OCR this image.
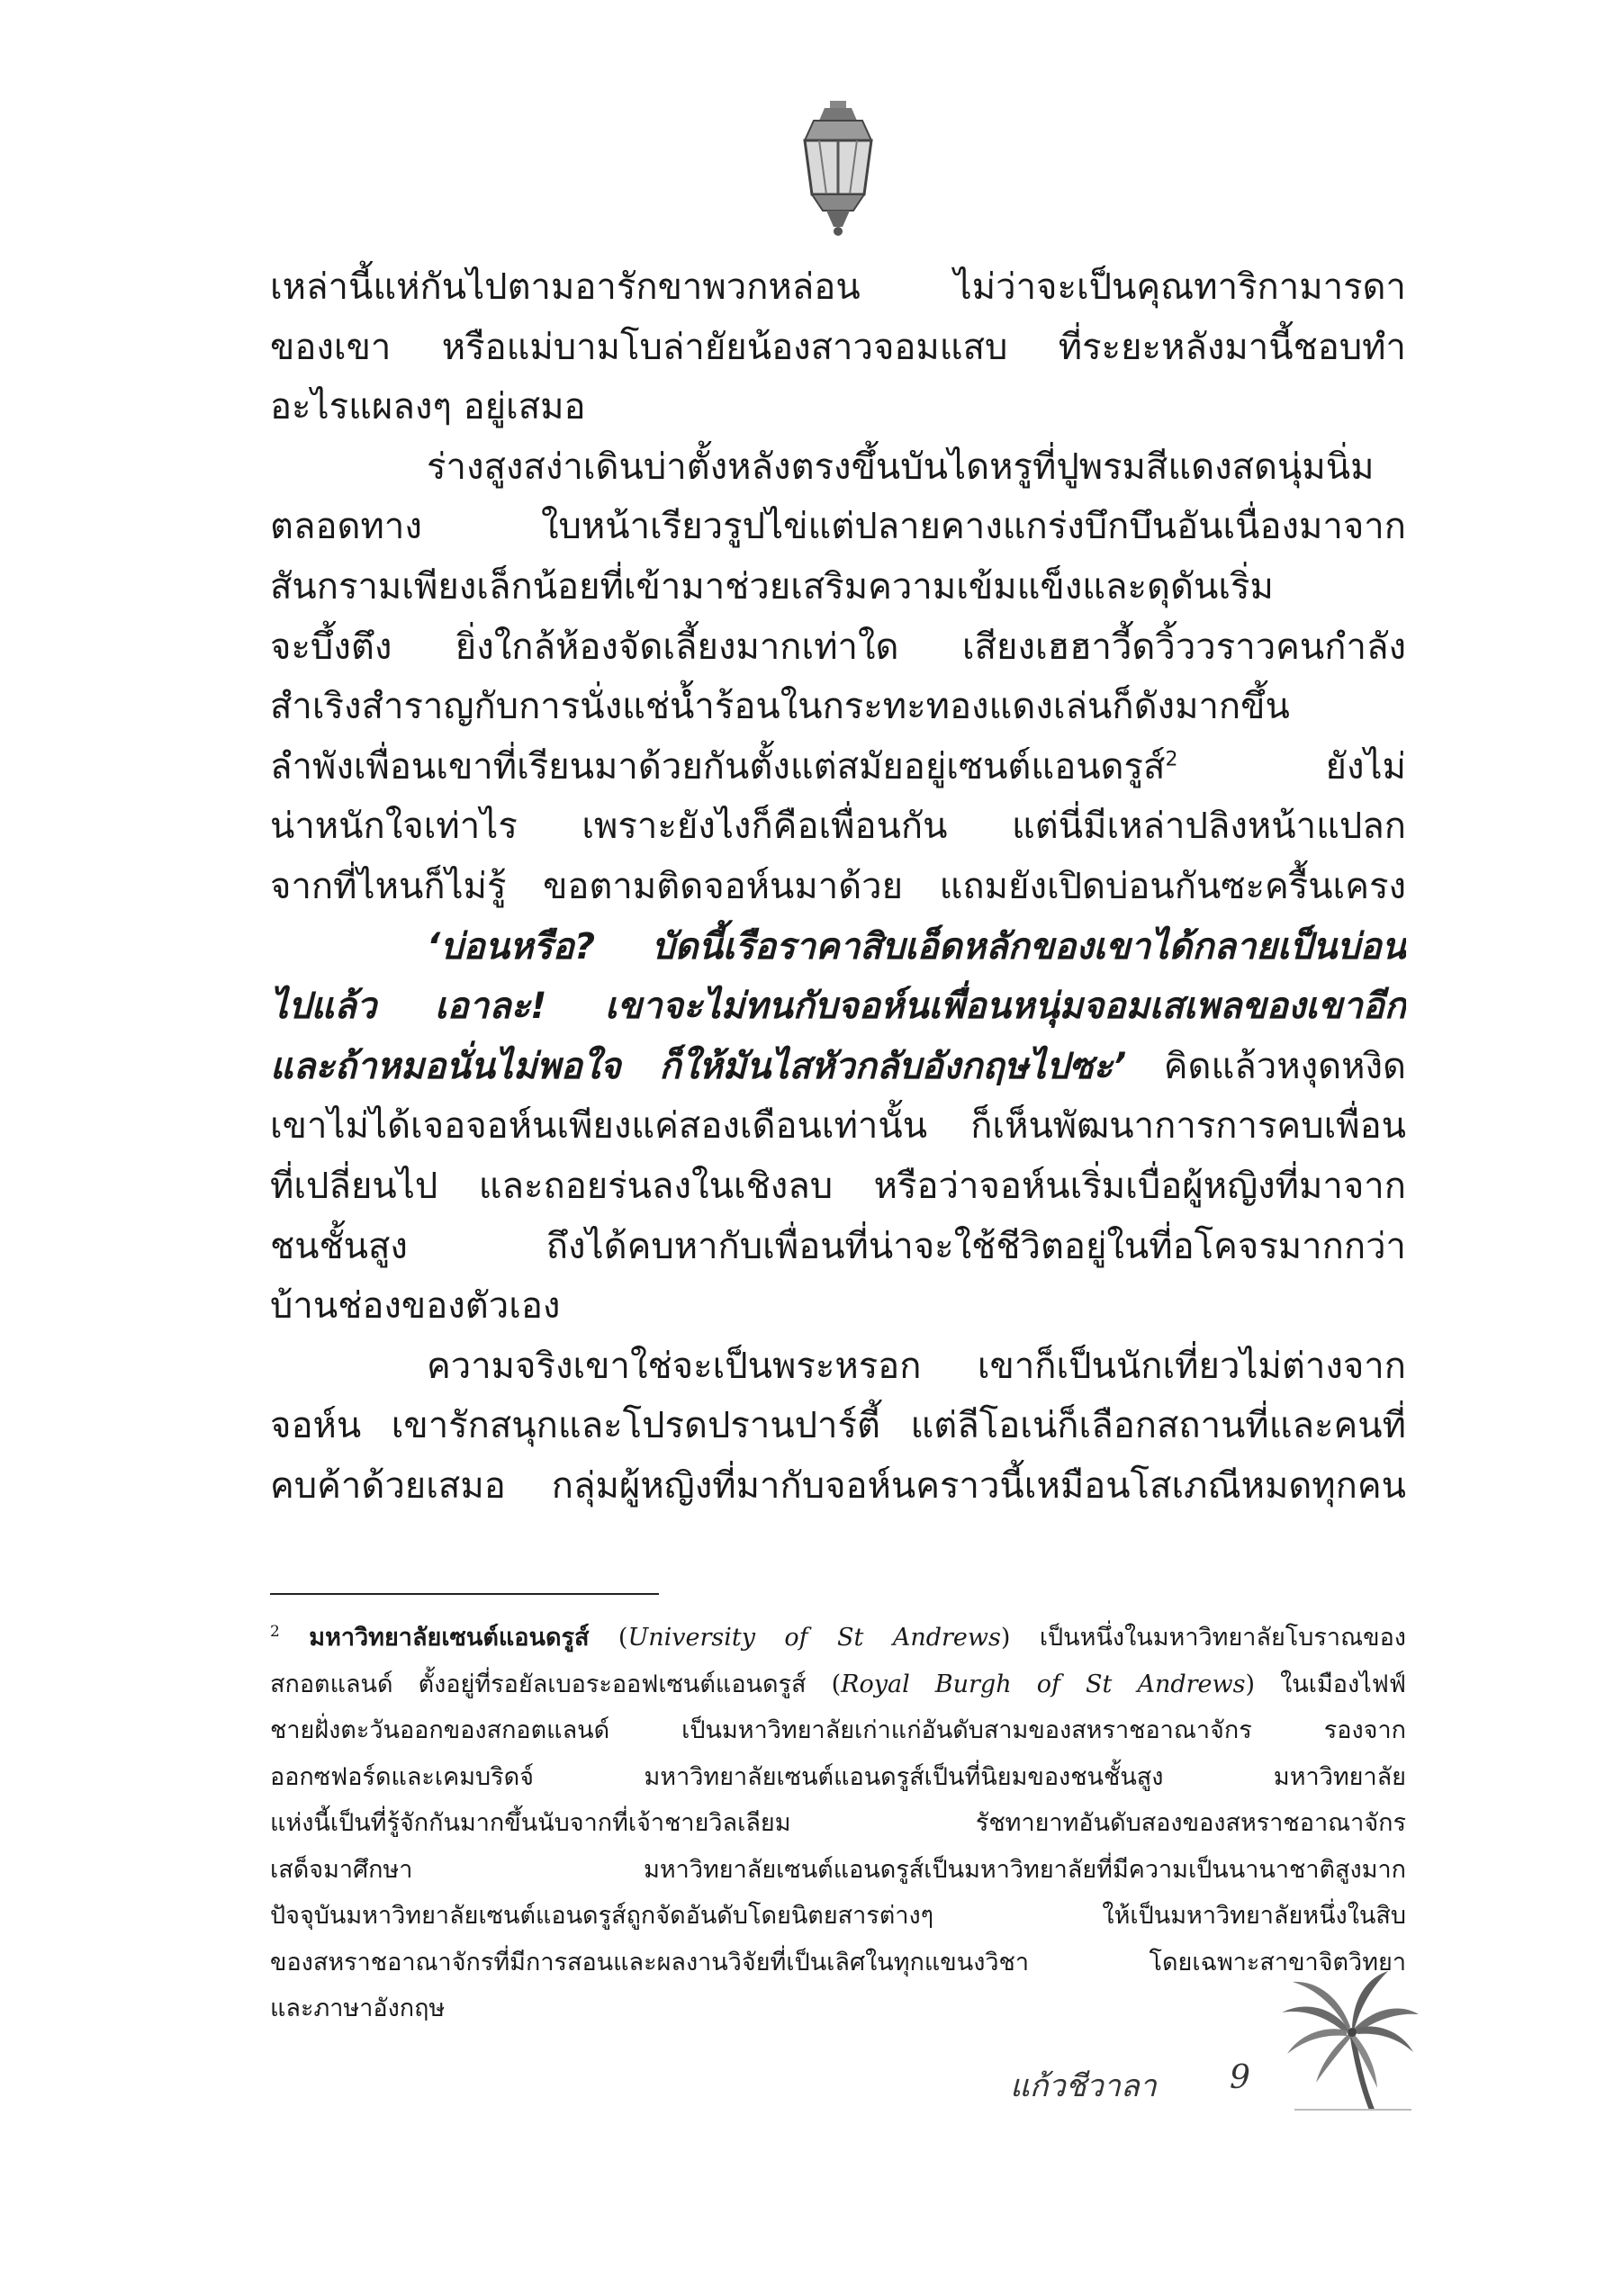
เหล่านี้แห่กันไปตามอารักขาพวกหล่อน ไม่ว่าจะเป็นคุณทาริกามารดา
ของเขา หรือแม่บามโบล่ายัยน้องสาวจอมแสบ ที่ระยะหลังมานี้ชอบทำ
อะไรแผลงๆ อยู่เสมอ
ร่างสูงสง่าเดินบ่าตั้งหลังตรงขึ้นบันไดหรูที่ปูพรมสีแดงสดนุ่มนิ่ม
ตลอดทาง ใบหน้าเรียวรูปไข่แต่ปลายคางแกร่งบึกบึนอันเนื่องมาจาก
สันกรามเพียงเล็กน้อยที่เข้ามาช่วยเสริมความเข้มแข็งและดุดันเริ่ม
จะบึ้งตึง ยิ่งใกล้ห้องจัดเลี้ยงมากเท่าใด เสียงเฮฮาวี้ดวิ้ววราวคนกำลัง
สำเริงสำราญกับการนั่งแช่น้ำร้อนในกระทะทองแดงเล่นก็ดังมากขึ้น
ลำพังเพื่อนเขาที่เรียนมาด้วยกันตั้งแต่สมัยอยู่เซนต์แอนดรูส์$^2$ ยังไม่
น่าหนักใจเท่าไร เพราะยังไงก็คือเพื่อนกัน แต่นี่มีเหล่าปลิงหน้าแปลก
จากที่ไหนก็ไม่รู้ ขอตามติดจอห์นมาด้วย แถมยังเปิดบ่อนกันซะครื้นเครง
‘บ่อนหรือ? บัดนี้เรือราคาสิบเอ็ดหลักของเขาได้กลายเป็นบ่อน
ไปแล้ว เอาละ! เขาจะไม่ทนกับจอห์นเพื่อนหนุ่มจอมเสเพลของเขาอีก
และถ้าหมอนั่นไม่พอใจ ก็ให้มันไสหัวกลับอังกฤษไปซะ’ คิดแล้วหงุดหงิด
เขาไม่ได้เจอจอห์นเพียงแค่สองเดือนเท่านั้น ก็เห็นพัฒนาการการคบเพื่อน
ที่เปลี่ยนไป และถอยร่นลงในเชิงลบ หรือว่าจอห์นเริ่มเบื่อผู้หญิงที่มาจาก
ชนชั้นสูง ถึงได้คบหากับเพื่อนที่น่าจะใช้ชีวิตอยู่ในที่อโคจรมากกว่า
บ้านช่องของตัวเอง
ความจริงเขาใช่จะเป็นพระหรอก เขาก็เป็นนักเที่ยวไม่ต่างจาก
จอห์น เขารักสนุกและโปรดปรานปาร์ตี้ แต่ลีโอเน่ก็เลือกสถานที่และคนที่
คบค้าด้วยเสมอ กลุ่มผู้หญิงที่มากับจอห์นคราวนี้เหมือนโสเภณีหมดทุกคน
$^2$ มหาวิทยาลัยเซนต์แอนดรูส์ (University of St Andrews) เป็นหนึ่งในมหาวิทยาลัยโบราณของ
สกอตแลนด์ ตั้งอยู่ที่รอยัลเบอระออฟเซนต์แอนดรูส์ (Royal Burgh of St Andrews) ในเมืองไฟฟ์
ชายฝั่งตะวันออกของสกอตแลนด์ เป็นมหาวิทยาลัยเก่าแก่อันดับสามของสหราชอาณาจักร รองจาก
ออกซฟอร์ดและเคมบริดจ์ มหาวิทยาลัยเซนต์แอนดรูส์เป็นที่นิยมของชนชั้นสูง มหาวิทยาลัย
แห่งนี้เป็นที่รู้จักกันมากขึ้นนับจากที่เจ้าชายวิลเลียม รัชทายาทอันดับสองของสหราชอาณาจักร
เสด็จมาศึกษา มหาวิทยาลัยเซนต์แอนดรูส์เป็นมหาวิทยาลัยที่มีความเป็นนานาชาติสูงมาก
ปัจจุบันมหาวิทยาลัยเซนต์แอนดรูส์ถูกจัดอันดับโดยนิตยสารต่างๆ ให้เป็นมหาวิทยาลัยหนึ่งในสิบ
ของสหราชอาณาจักรที่มีการสอนและผลงานวิจัยที่เป็นเลิศในทุกแขนงวิชา โดยเฉพาะสาขาจิตวิทยา
และภาษาอังกฤษ
แก้วชีวาลา 9
